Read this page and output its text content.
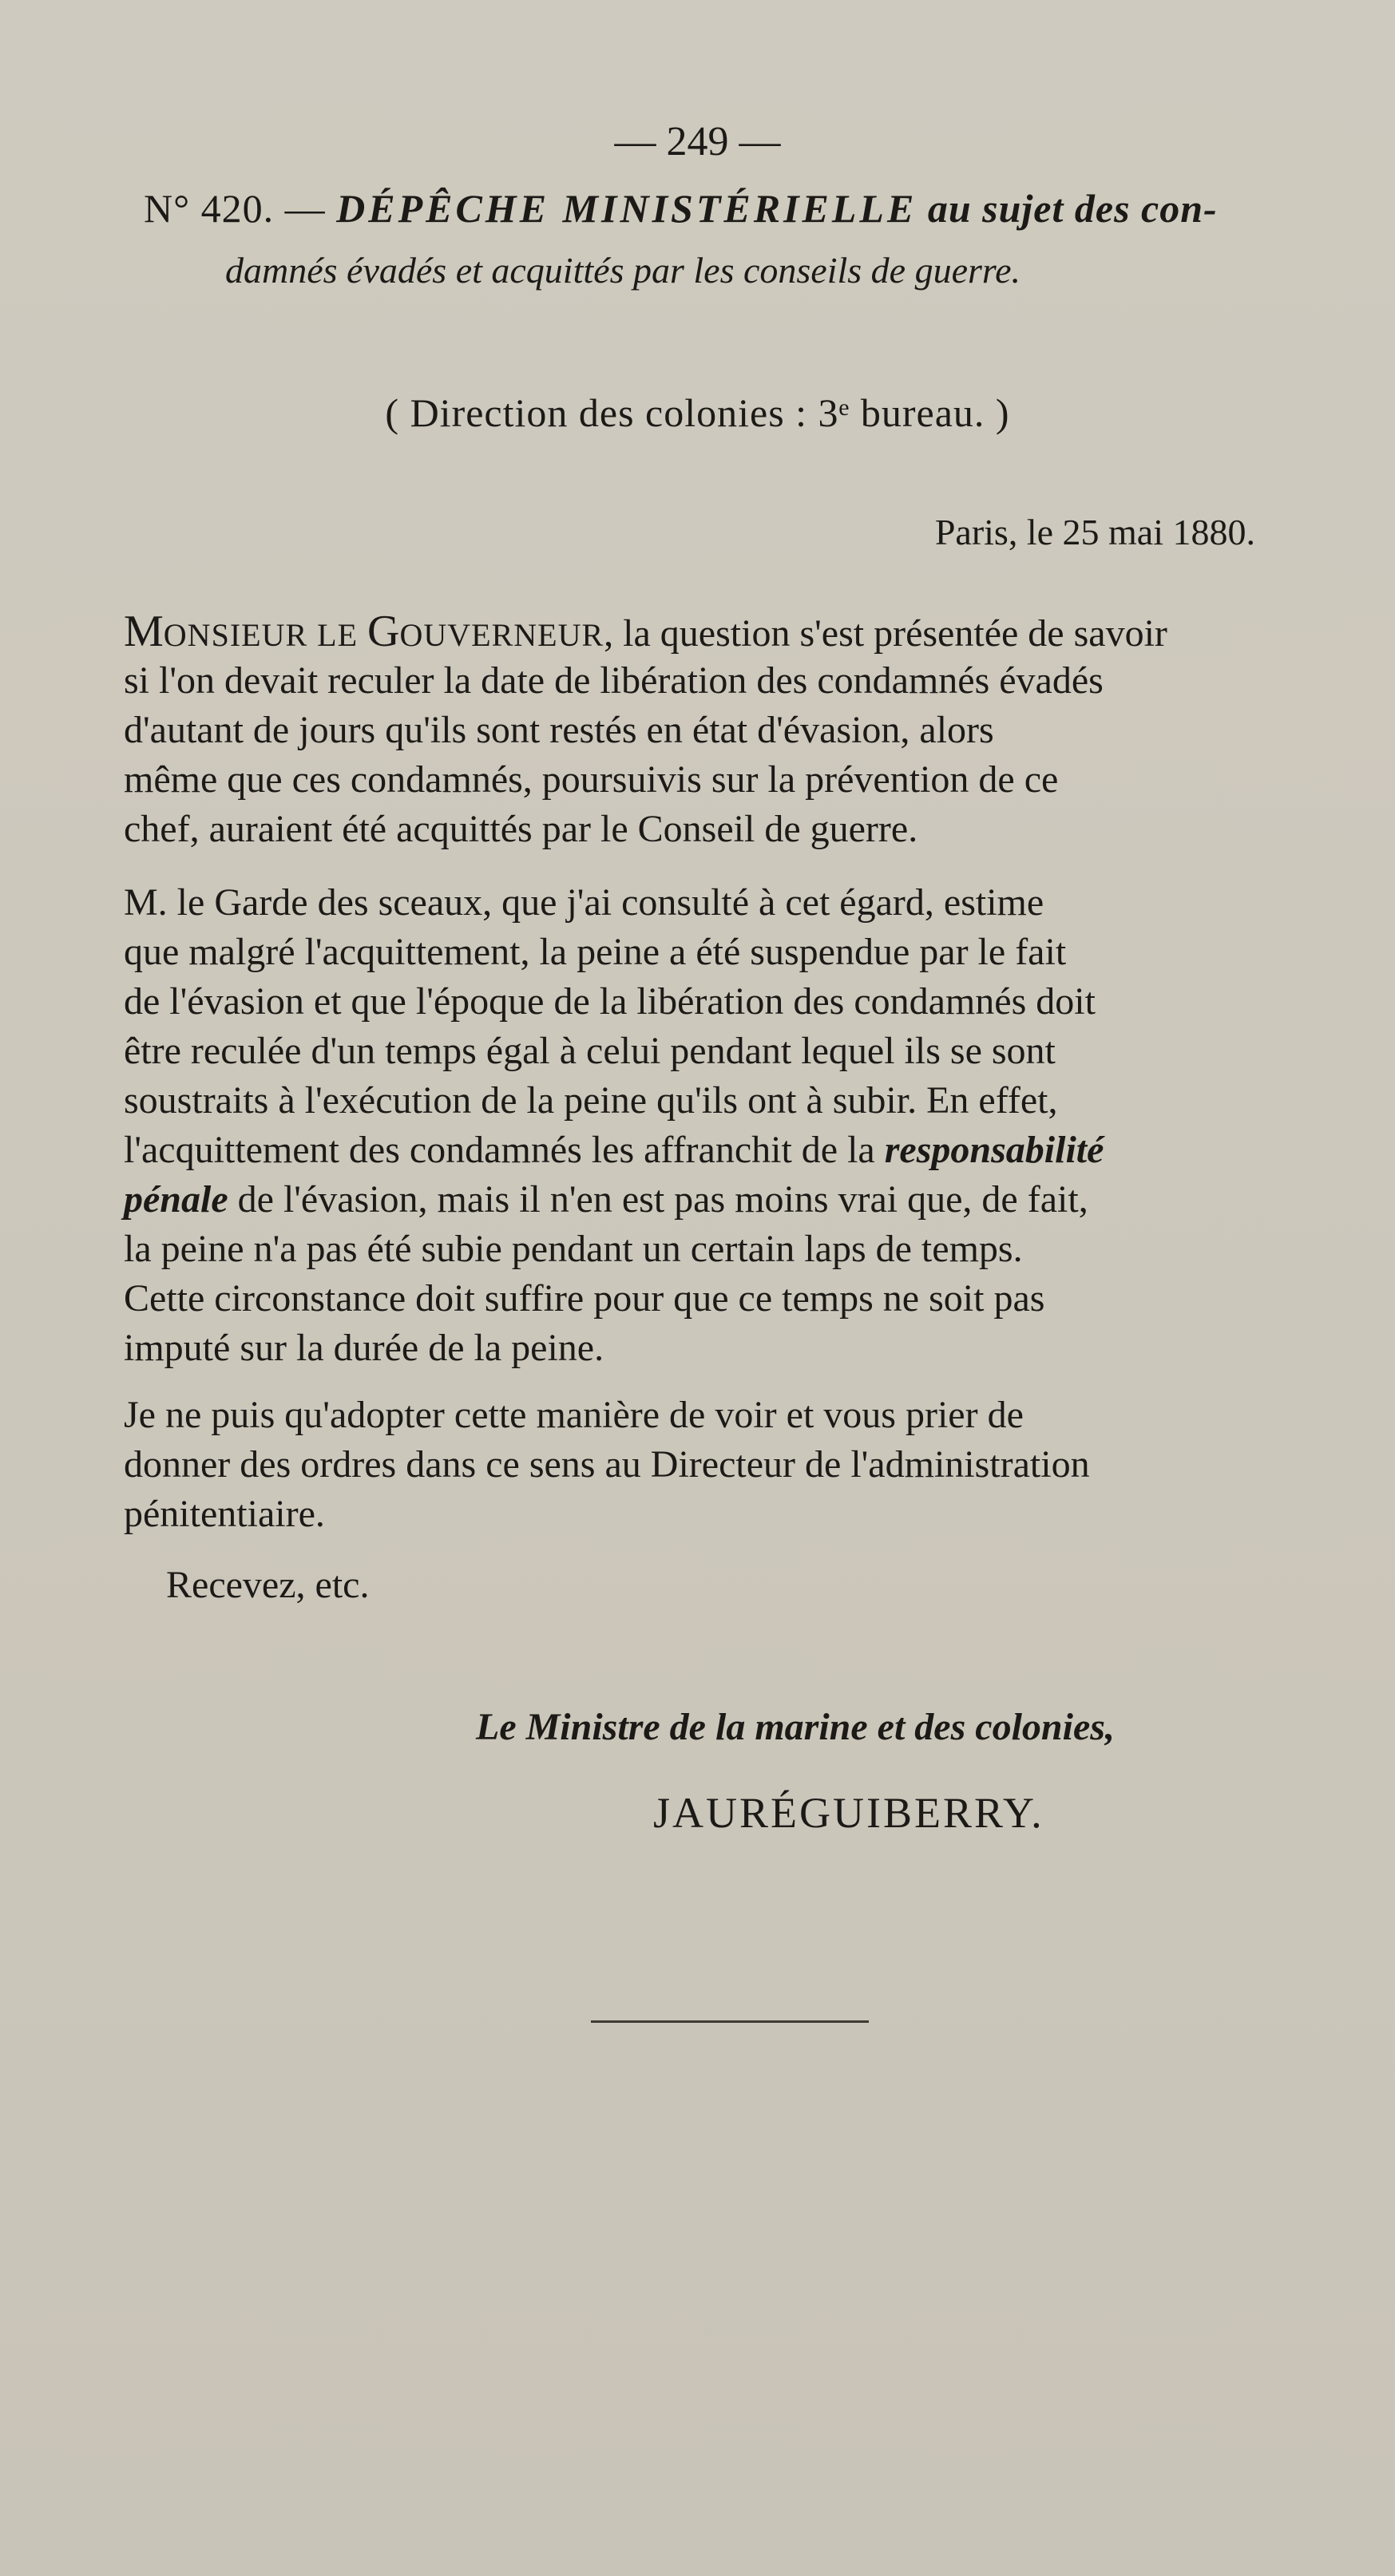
— 249 —
N° 420. — DÉPÊCHE MINISTÉRIELLE au sujet des con-
damnés évadés et acquittés par les conseils de guerre.
( Direction des colonies : 3ᵉ bureau. )
Paris, le 25 mai 1880.
MONSIEUR LE GOUVERNEUR, la question s'est présentée de savoir
si l'on devait reculer la date de libération des condamnés évadés
d'autant de jours qu'ils sont restés en état d'évasion, alors
même que ces condamnés, poursuivis sur la prévention de ce
chef, auraient été acquittés par le Conseil de guerre.
M. le Garde des sceaux, que j'ai consulté à cet égard, estime
que malgré l'acquittement, la peine a été suspendue par le fait
de l'évasion et que l'époque de la libération des condamnés doit
être reculée d'un temps égal à celui pendant lequel ils se sont
soustraits à l'exécution de la peine qu'ils ont à subir. En effet,
l'acquittement des condamnés les affranchit de la responsabilité
pénale de l'évasion, mais il n'en est pas moins vrai que, de fait,
la peine n'a pas été subie pendant un certain laps de temps.
Cette circonstance doit suffire pour que ce temps ne soit pas
imputé sur la durée de la peine.
Je ne puis qu'adopter cette manière de voir et vous prier de
donner des ordres dans ce sens au Directeur de l'administration
pénitentiaire.
Recevez, etc.
Le Ministre de la marine et des colonies,
JAURÉGUIBERRY.
